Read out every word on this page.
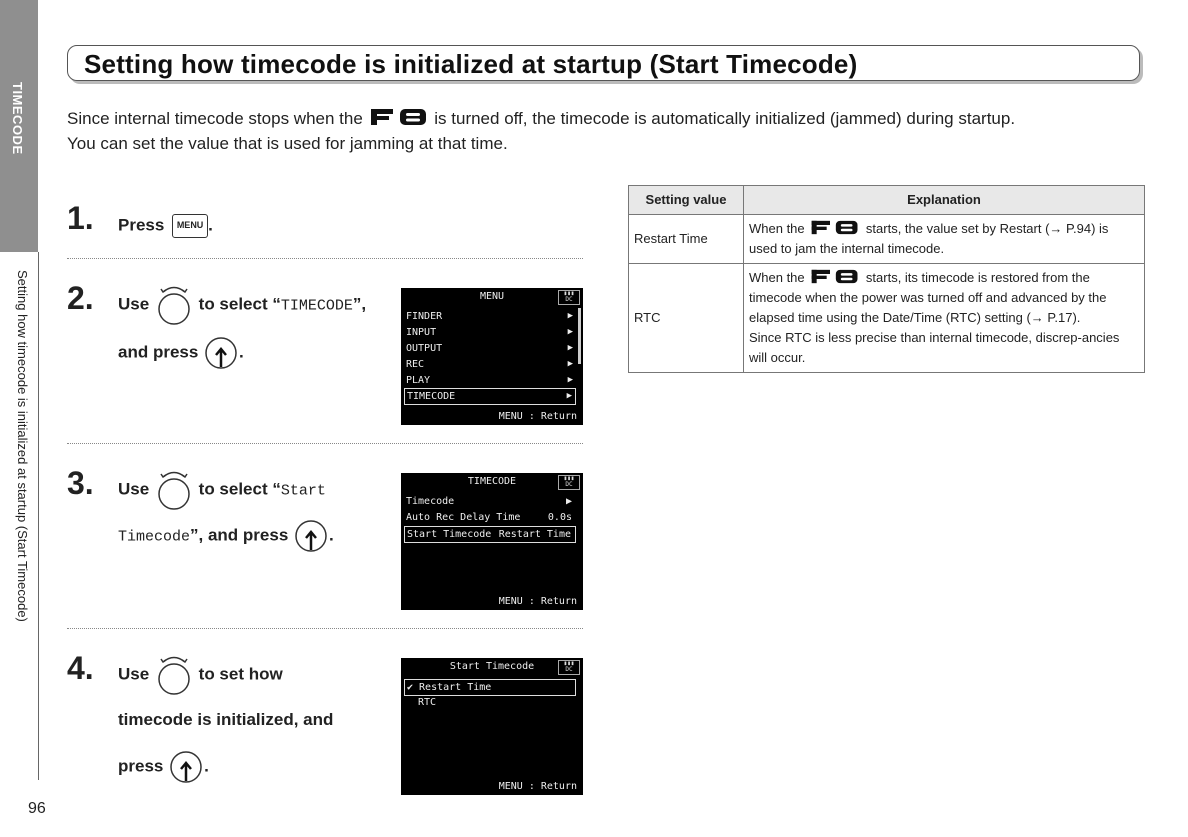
TIMECODE
Setting how timecode is initialized at startup (Start Timecode)
96
Setting how timecode is initialized at startup (Start Timecode)
Since internal timecode stops when the	is turned off, the timecode is automatically initialized (jammed) during startup.
You can set the value that is used for jamming at that time.
1. Press MENU .
2. Use	to select “TIMECODE”,
and press .
MENU	▮▮▮
DC
FINDER	▶
INPUT	▶
OUTPUT	▶
REC	▶
PLAY	▶
TIMECODE	▶
MENU : Return
3. Use	to select “Start
Timecode”, and press .
TIMECODE	▮▮▮
DC
Timecode	▶
Auto Rec Delay Time	0.0s
Start Timecode Restart Time
MENU : Return
4. Use	to set how
timecode is initialized, and
press .
Start Timecode	▮▮▮
DC
✔ Restart Time
RTC
MENU : Return
Setting value	Explanation
Restart Time	When the starts, the value set by Restart (→ P.94) is used to jam the internal timecode.
RTC	When the starts, its timecode is restored from the timecode when the power was turned off and advanced by the elapsed time using the Date/Time (RTC) setting (→ P.17).
Since RTC is less precise than internal timecode, discrep-ancies will occur.
